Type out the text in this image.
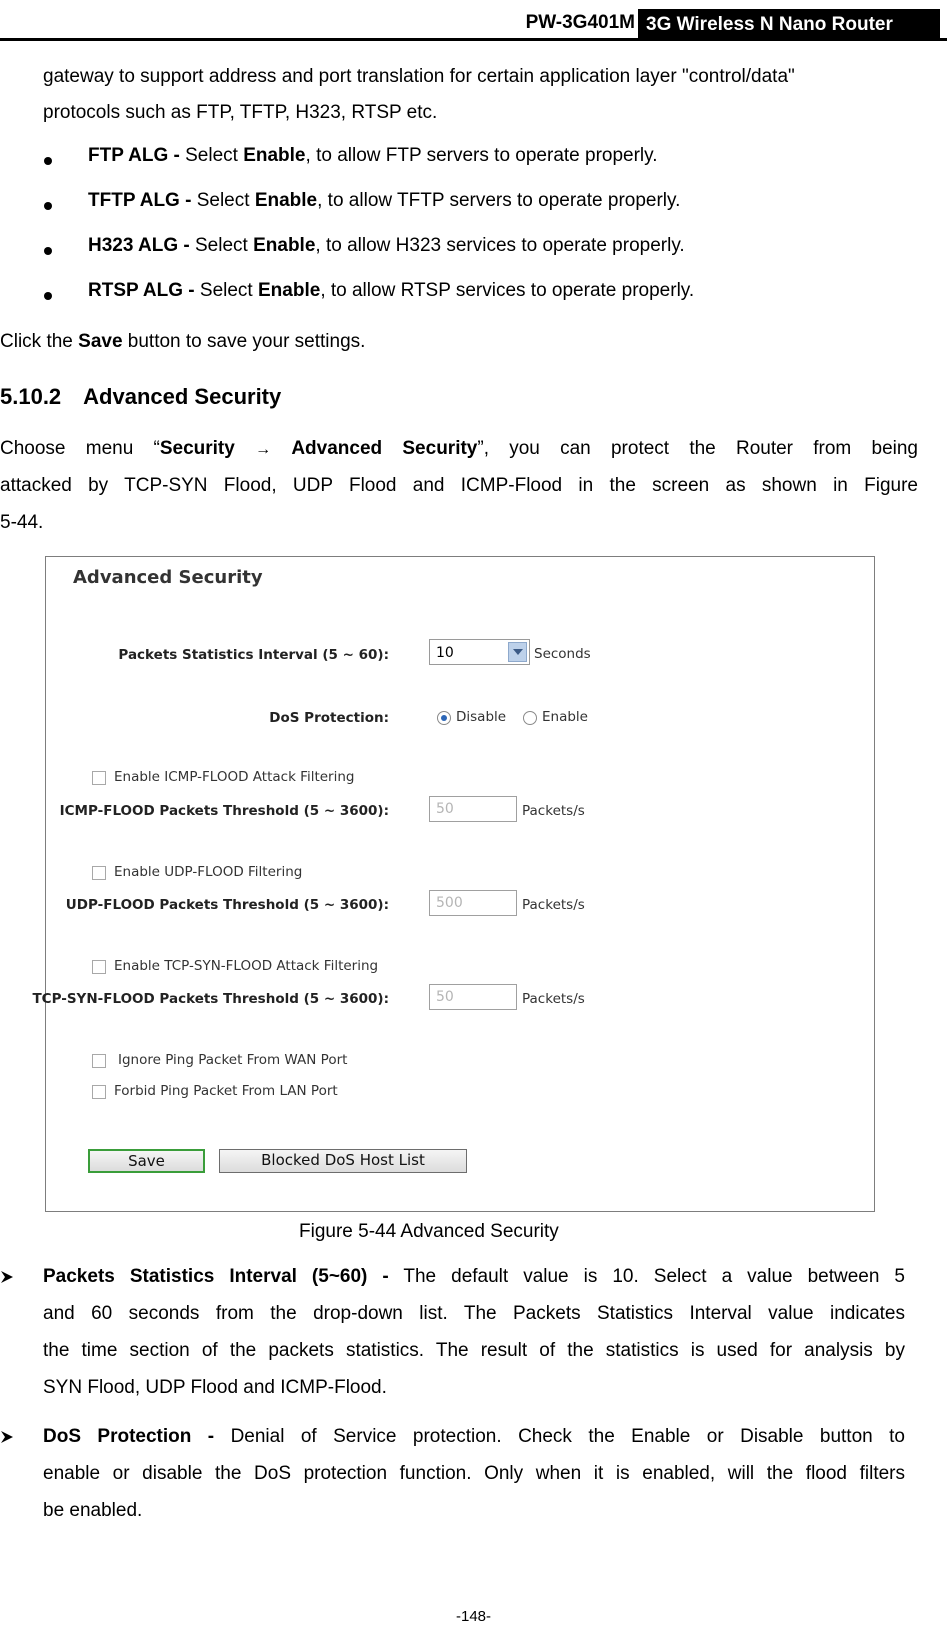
PW-3G401M 3G Wireless N Nano Router
gateway to support address and port translation for certain application layer "control/data"
protocols such as FTP, TFTP, H323, RTSP etc.
FTP ALG - Select Enable, to allow FTP servers to operate properly.
TFTP ALG - Select Enable, to allow TFTP servers to operate properly.
H323 ALG - Select Enable, to allow H323 services to operate properly.
RTSP ALG - Select Enable, to allow RTSP services to operate properly.
Click the Save button to save your settings.
5.10.2 Advanced Security
Choose menu “Security → Advanced Security”, you can protect the Router from being
attacked by TCP-SYN Flood, UDP Flood and ICMP-Flood in the screen as shown in Figure
5-44.
Advanced Security
Packets Statistics Interval (5 ~ 60):	10	Seconds
DoS Protection:	Disable	Enable
Enable ICMP-FLOOD Attack Filtering
ICMP-FLOOD Packets Threshold (5 ~ 3600):	50	Packets/s
Enable UDP-FLOOD Filtering
UDP-FLOOD Packets Threshold (5 ~ 3600):	500	Packets/s
Enable TCP-SYN-FLOOD Attack Filtering
TCP-SYN-FLOOD Packets Threshold (5 ~ 3600):	50	Packets/s
Ignore Ping Packet From WAN Port
Forbid Ping Packet From LAN Port
Save	Blocked DoS Host List
Figure 5-44 Advanced Security
Packets Statistics Interval (5~60) - The default value is 10. Select a value between 5
and 60 seconds from the drop-down list. The Packets Statistics Interval value indicates
the time section of the packets statistics. The result of the statistics is used for analysis by
SYN Flood, UDP Flood and ICMP-Flood.
DoS Protection - Denial of Service protection. Check the Enable or Disable button to
enable or disable the DoS protection function. Only when it is enabled, will the flood filters
be enabled.
-148-
